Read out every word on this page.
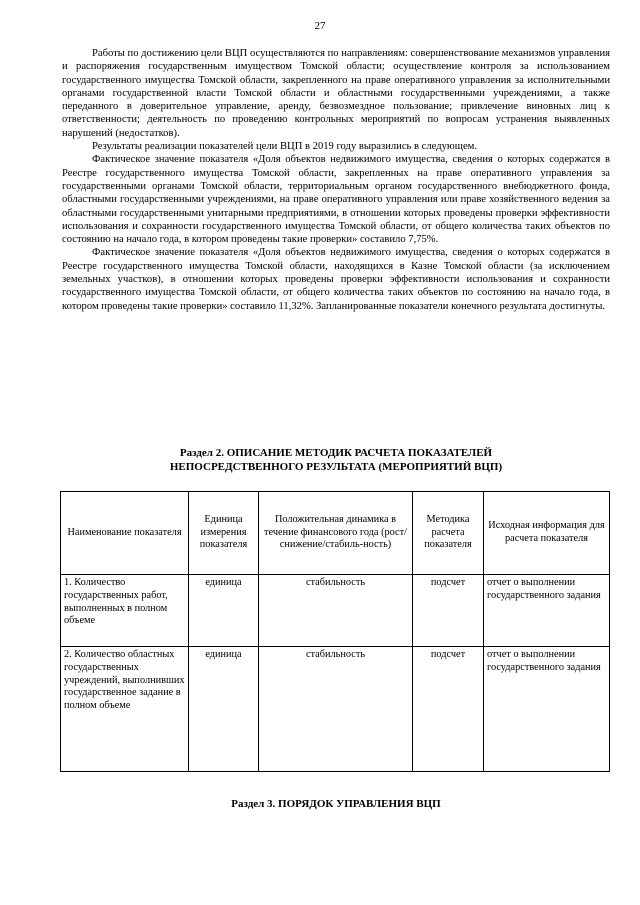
27

Работы по достижению цели ВЦП осуществляются по направлениям: совершенствование механизмов управления и распоряжения государственным имуществом Томской области; осуществление контроля за использованием государственного имущества Томской области, закрепленного на праве оперативного управления за исполнительными органами государственной власти Томской области и областными государственными учреждениями, а также переданного в доверительное управление, аренду, безвозмездное пользование; привлечение виновных лиц к ответственности; деятельность по проведению контрольных мероприятий по вопросам устранения выявленных нарушений (недостатков).

Результаты реализации показателей цели ВЦП в 2019 году выразились в следующем.

Фактическое значение показателя «Доля объектов недвижимого имущества, сведения о которых содержатся в Реестре государственного имущества Томской области, закрепленных на праве оперативного управления за государственными органами Томской области, территориальным органом государственного внебюджетного фонда, областными государственными учреждениями, на праве оперативного управления или праве хозяйственного ведения за областными государственными унитарными предприятиями, в отношении которых проведены проверки эффективности использования и сохранности государственного имущества Томской области, от общего количества таких объектов по состоянию на начало года, в котором проведены такие проверки» составило 7,75%.

Фактическое значение показателя «Доля объектов недвижимого имущества, сведения о которых содержатся в Реестре государственного имущества Томской области, находящихся в Казне Томской области (за исключением земельных участков), в отношении которых проведены проверки эффективности использования и сохранности государственного имущества Томской области, от общего количества таких объектов по состоянию на начало года, в котором проведены такие проверки» составило 11,32%. Запланированные показатели конечного результата достигнуты.

Раздел 2. ОПИСАНИЕ МЕТОДИК РАСЧЕТА ПОКАЗАТЕЛЕЙ
НЕПОСРЕДСТВЕННОГО РЕЗУЛЬТАТА (МЕРОПРИЯТИЙ ВЦП)
Наименование показателя	Единица измерения показателя	Положительная динамика в течение финансового года (рост/снижение/стабиль-ность)	Методика расчета показателя	Исходная информация для расчета показателя
1. Количество государственных работ, выполненных в полном объеме	единица	стабильность	подсчет	отчет о выполнении государственного задания
2. Количество областных государственных учреждений, выполнивших государственное задание в полном объеме	единица	стабильность	подсчет	отчет о выполнении государственного задания
Раздел 3. ПОРЯДОК УПРАВЛЕНИЯ ВЦП
